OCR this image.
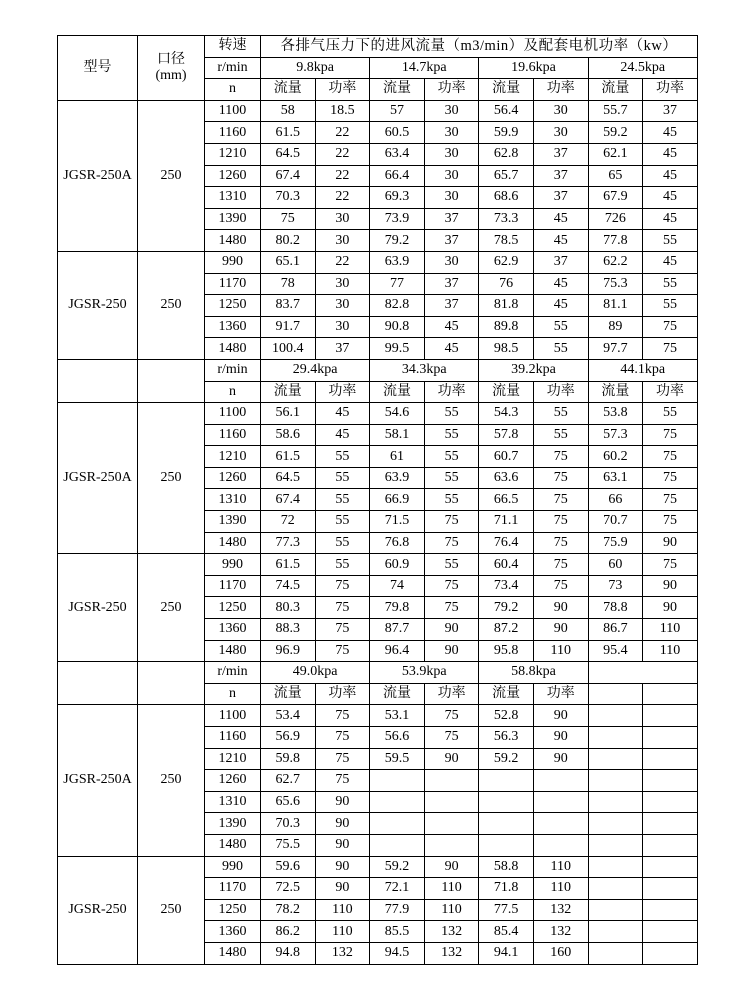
型号	口径
(mm)	转速	各排气压力下的进风流量（m3/min）及配套电机功率（kw）							
		r/min	9.8kpa		14.7kpa		19.6kpa		24.5kpa	
		n	流量	功率	流量	功率	流量	功率	流量	功率
JGSR-250A	250	1100	58	18.5	57	30	56.4	30	55.7	37
		1160	61.5	22	60.5	30	59.9	30	59.2	45
		1210	64.5	22	63.4	30	62.8	37	62.1	45
		1260	67.4	22	66.4	30	65.7	37	65	45
		1310	70.3	22	69.3	30	68.6	37	67.9	45
		1390	75	30	73.9	37	73.3	45	726	45
		1480	80.2	30	79.2	37	78.5	45	77.8	55
JGSR-250	250	990	65.1	22	63.9	30	62.9	37	62.2	45
		1170	78	30	77	37	76	45	75.3	55
		1250	83.7	30	82.8	37	81.8	45	81.1	55
		1360	91.7	30	90.8	45	89.8	55	89	75
		1480	100.4	37	99.5	45	98.5	55	97.7	75
		r/min	29.4kpa		34.3kpa		39.2kpa		44.1kpa	
		n	流量	功率	流量	功率	流量	功率	流量	功率
JGSR-250A	250	1100	56.1	45	54.6	55	54.3	55	53.8	55
		1160	58.6	45	58.1	55	57.8	55	57.3	75
		1210	61.5	55	61	55	60.7	75	60.2	75
		1260	64.5	55	63.9	55	63.6	75	63.1	75
		1310	67.4	55	66.9	55	66.5	75	66	75
		1390	72	55	71.5	75	71.1	75	70.7	75
		1480	77.3	55	76.8	75	76.4	75	75.9	90
JGSR-250	250	990	61.5	55	60.9	55	60.4	75	60	75
		1170	74.5	75	74	75	73.4	75	73	90
		1250	80.3	75	79.8	75	79.2	90	78.8	90
		1360	88.3	75	87.7	90	87.2	90	86.7	110
		1480	96.9	75	96.4	90	95.8	110	95.4	110
		r/min	49.0kpa		53.9kpa		58.8kpa			
		n	流量	功率	流量	功率	流量	功率		
JGSR-250A	250	1100	53.4	75	53.1	75	52.8	90		
		1160	56.9	75	56.6	75	56.3	90		
		1210	59.8	75	59.5	90	59.2	90		
		1260	62.7	75						
		1310	65.6	90						
		1390	70.3	90						
		1480	75.5	90						
JGSR-250	250	990	59.6	90	59.2	90	58.8	110		
		1170	72.5	90	72.1	110	71.8	110		
		1250	78.2	110	77.9	110	77.5	132		
		1360	86.2	110	85.5	132	85.4	132		
		1480	94.8	132	94.5	132	94.1	160		
